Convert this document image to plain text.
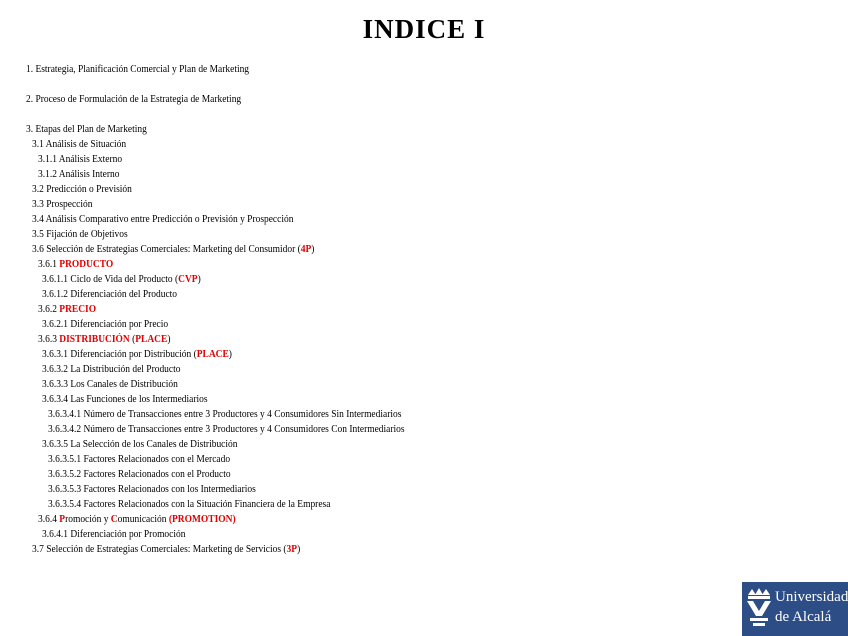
INDICE I
1. Estrategia, Planificación Comercial y Plan de Marketing
2. Proceso de Formulación de la Estrategia de Marketing
3. Etapas del Plan de Marketing
3.1 Análisis de Situación
3.1.1 Análisis Externo
3.1.2 Análisis Interno
3.2 Predicción o Previsión
3.3 Prospección
3.4 Análisis Comparativo entre Predicción o Previsión y Prospección
3.5 Fijación de Objetivos
3.6 Selección de Estrategias Comerciales: Marketing del Consumidor (4P)
3.6.1 PRODUCTO
3.6.1.1 Ciclo de Vida del Producto (CVP)
3.6.1.2 Diferenciación del Producto
3.6.2 PRECIO
3.6.2.1 Diferenciación por Precio
3.6.3 DISTRIBUCIÓN (PLACE)
3.6.3.1 Diferenciación por Distribución (PLACE)
3.6.3.2 La Distribución del Producto
3.6.3.3 Los Canales de Distribución
3.6.3.4 Las Funciones de los Intermediarios
3.6.3.4.1 Número de Transacciones entre 3 Productores y 4 Consumidores Sin Intermediarios
3.6.3.4.2 Número de Transacciones entre 3 Productores y 4 Consumidores Con Intermediarios
3.6.3.5 La Selección de los Canales de Distribución
3.6.3.5.1 Factores Relacionados con el Mercado
3.6.3.5.2 Factores Relacionados con el Producto
3.6.3.5.3 Factores Relacionados con los Intermediarios
3.6.3.5.4 Factores Relacionados con la Situación Financiera de la Empresa
3.6.4 Promoción y Comunicación (PROMOTION)
3.6.4.1 Diferenciación por Promoción
3.7 Selección de Estrategias Comerciales: Marketing de Servicios (3P)
Universidad
de Alcalá
